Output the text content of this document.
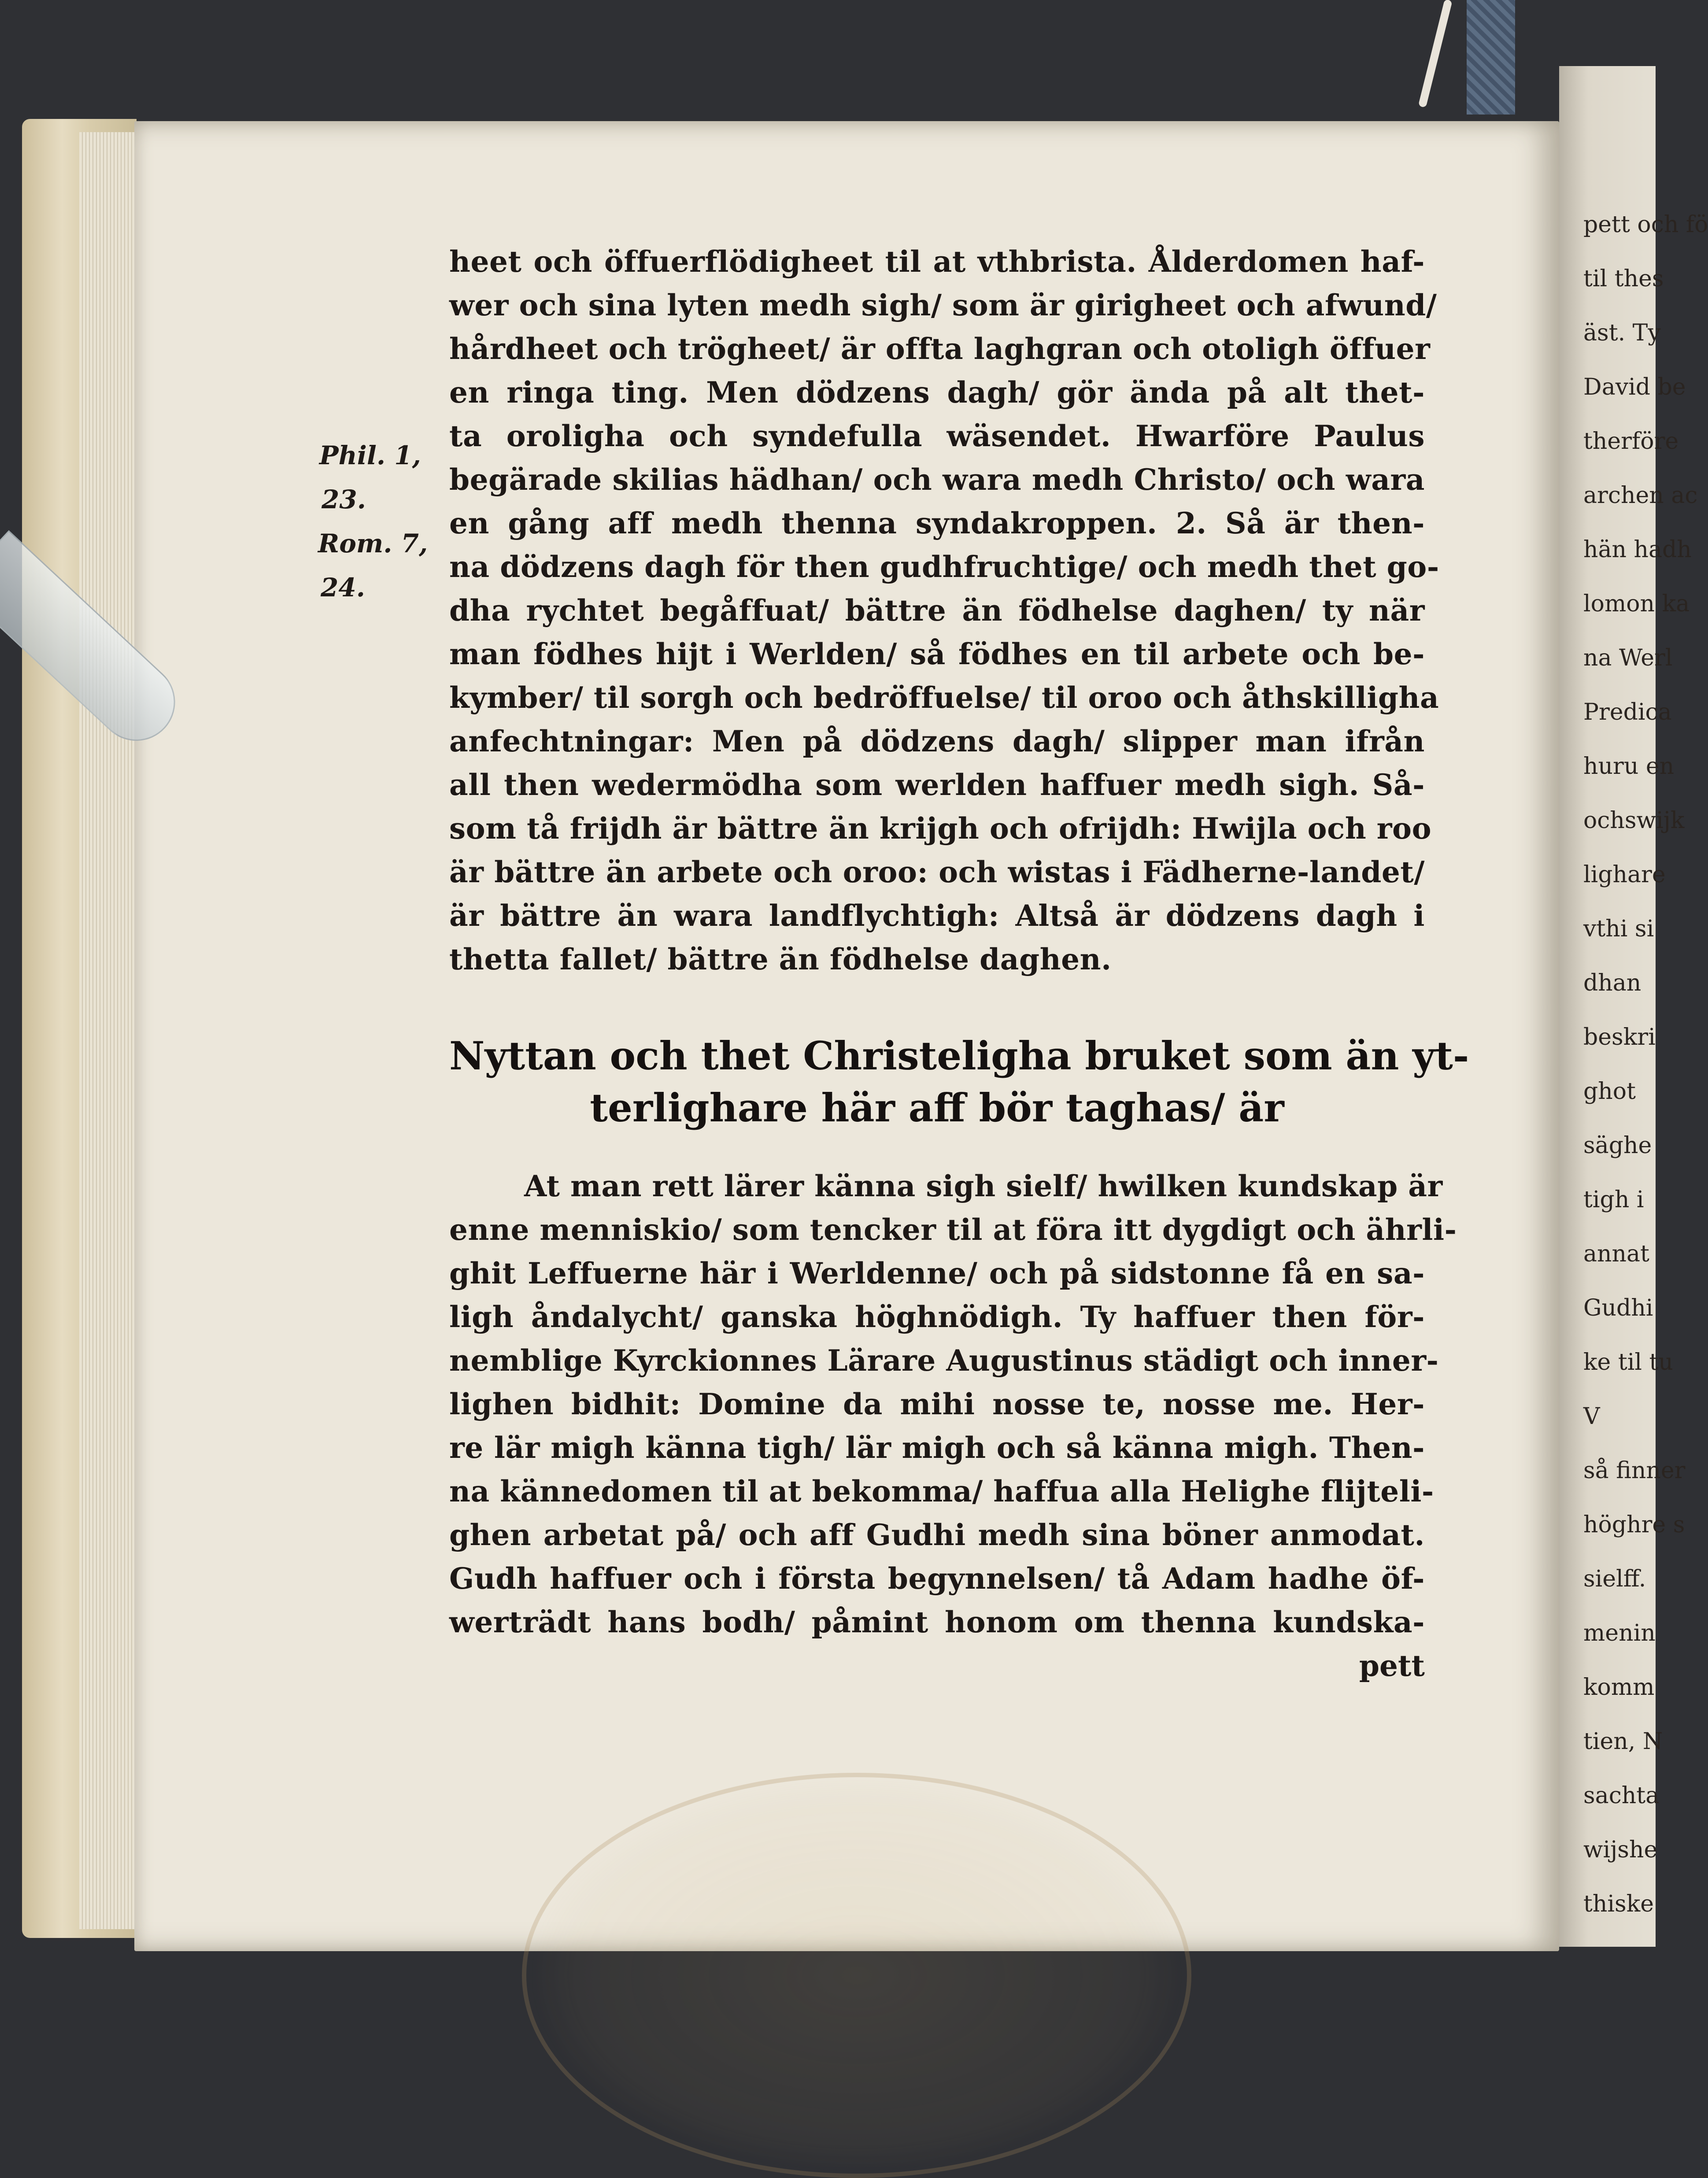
pett och fö
til thes
äst. Ty
David be
therföre
archen ac
hän hadh
lomon ka
na Werl
Predica
huru en
ochswijk
lighare
vthi si
dhan
beskri
ghot
säghe
tigh i
annat
Gudhi
ke til tu
V
så finner
höghre s
sielff.
menin
komm
tien, N
sachta
wijshe
thiske
Phil. 1,
23.
Rom. 7,
24.
heet och öffuerflödigheet til at vthbrista. Ålderdomen haf-
wer och sina lyten medh sigh/ som är girigheet och afwund/
hårdheet och trögheet/ är offta laghgran och otoligh öffuer
en ringa ting. Men dödzens dagh/ gör ända på alt thet-
ta oroligha och syndefulla wäsendet. Hwarföre Paulus
begärade skilias hädhan/ och wara medh Christo/ och wara
en gång aff medh thenna syndakroppen. 2. Så är then-
na dödzens dagh för then gudhfruchtige/ och medh thet go-
dha rychtet begåffuat/ bättre än födhelse daghen/ ty när
man födhes hijt i Werlden/ så födhes en til arbete och be-
kymber/ til sorgh och bedröffuelse/ til oroo och åthskilligha
anfechtningar: Men på dödzens dagh/ slipper man ifrån
all then wedermödha som werlden haffuer medh sigh. Så-
som tå frijdh är bättre än krijgh och ofrijdh: Hwijla och roo
är bättre än arbete och oroo: och wistas i Fädherne-landet/
är bättre än wara landflychtigh: Altså är dödzens dagh i
thetta fallet/ bättre än födhelse daghen.
Nyttan och thet Christeligha bruket som än yt-
terlighare här aff bör taghas/ är
At man rett lärer känna sigh sielf/ hwilken kundskap är
enne menniskio/ som tencker til at föra itt dygdigt och ährli-
ghit Leffuerne här i Werldenne/ och på sidstonne få en sa-
ligh åndalycht/ ganska höghnödigh. Ty haffuer then för-
nemblige Kyrckionnes Lärare Augustinus städigt och inner-
lighen bidhit: Domine da mihi nosse te, nosse me. Her-
re lär migh känna tigh/ lär migh och så känna migh. Then-
na kännedomen til at bekomma/ haffua alla Helighe flijteli-
ghen arbetat på/ och aff Gudhi medh sina böner anmodat.
Gudh haffuer och i första begynnelsen/ tå Adam hadhe öf-
werträdt hans bodh/ påmint honom om thenna kundska-
pett
